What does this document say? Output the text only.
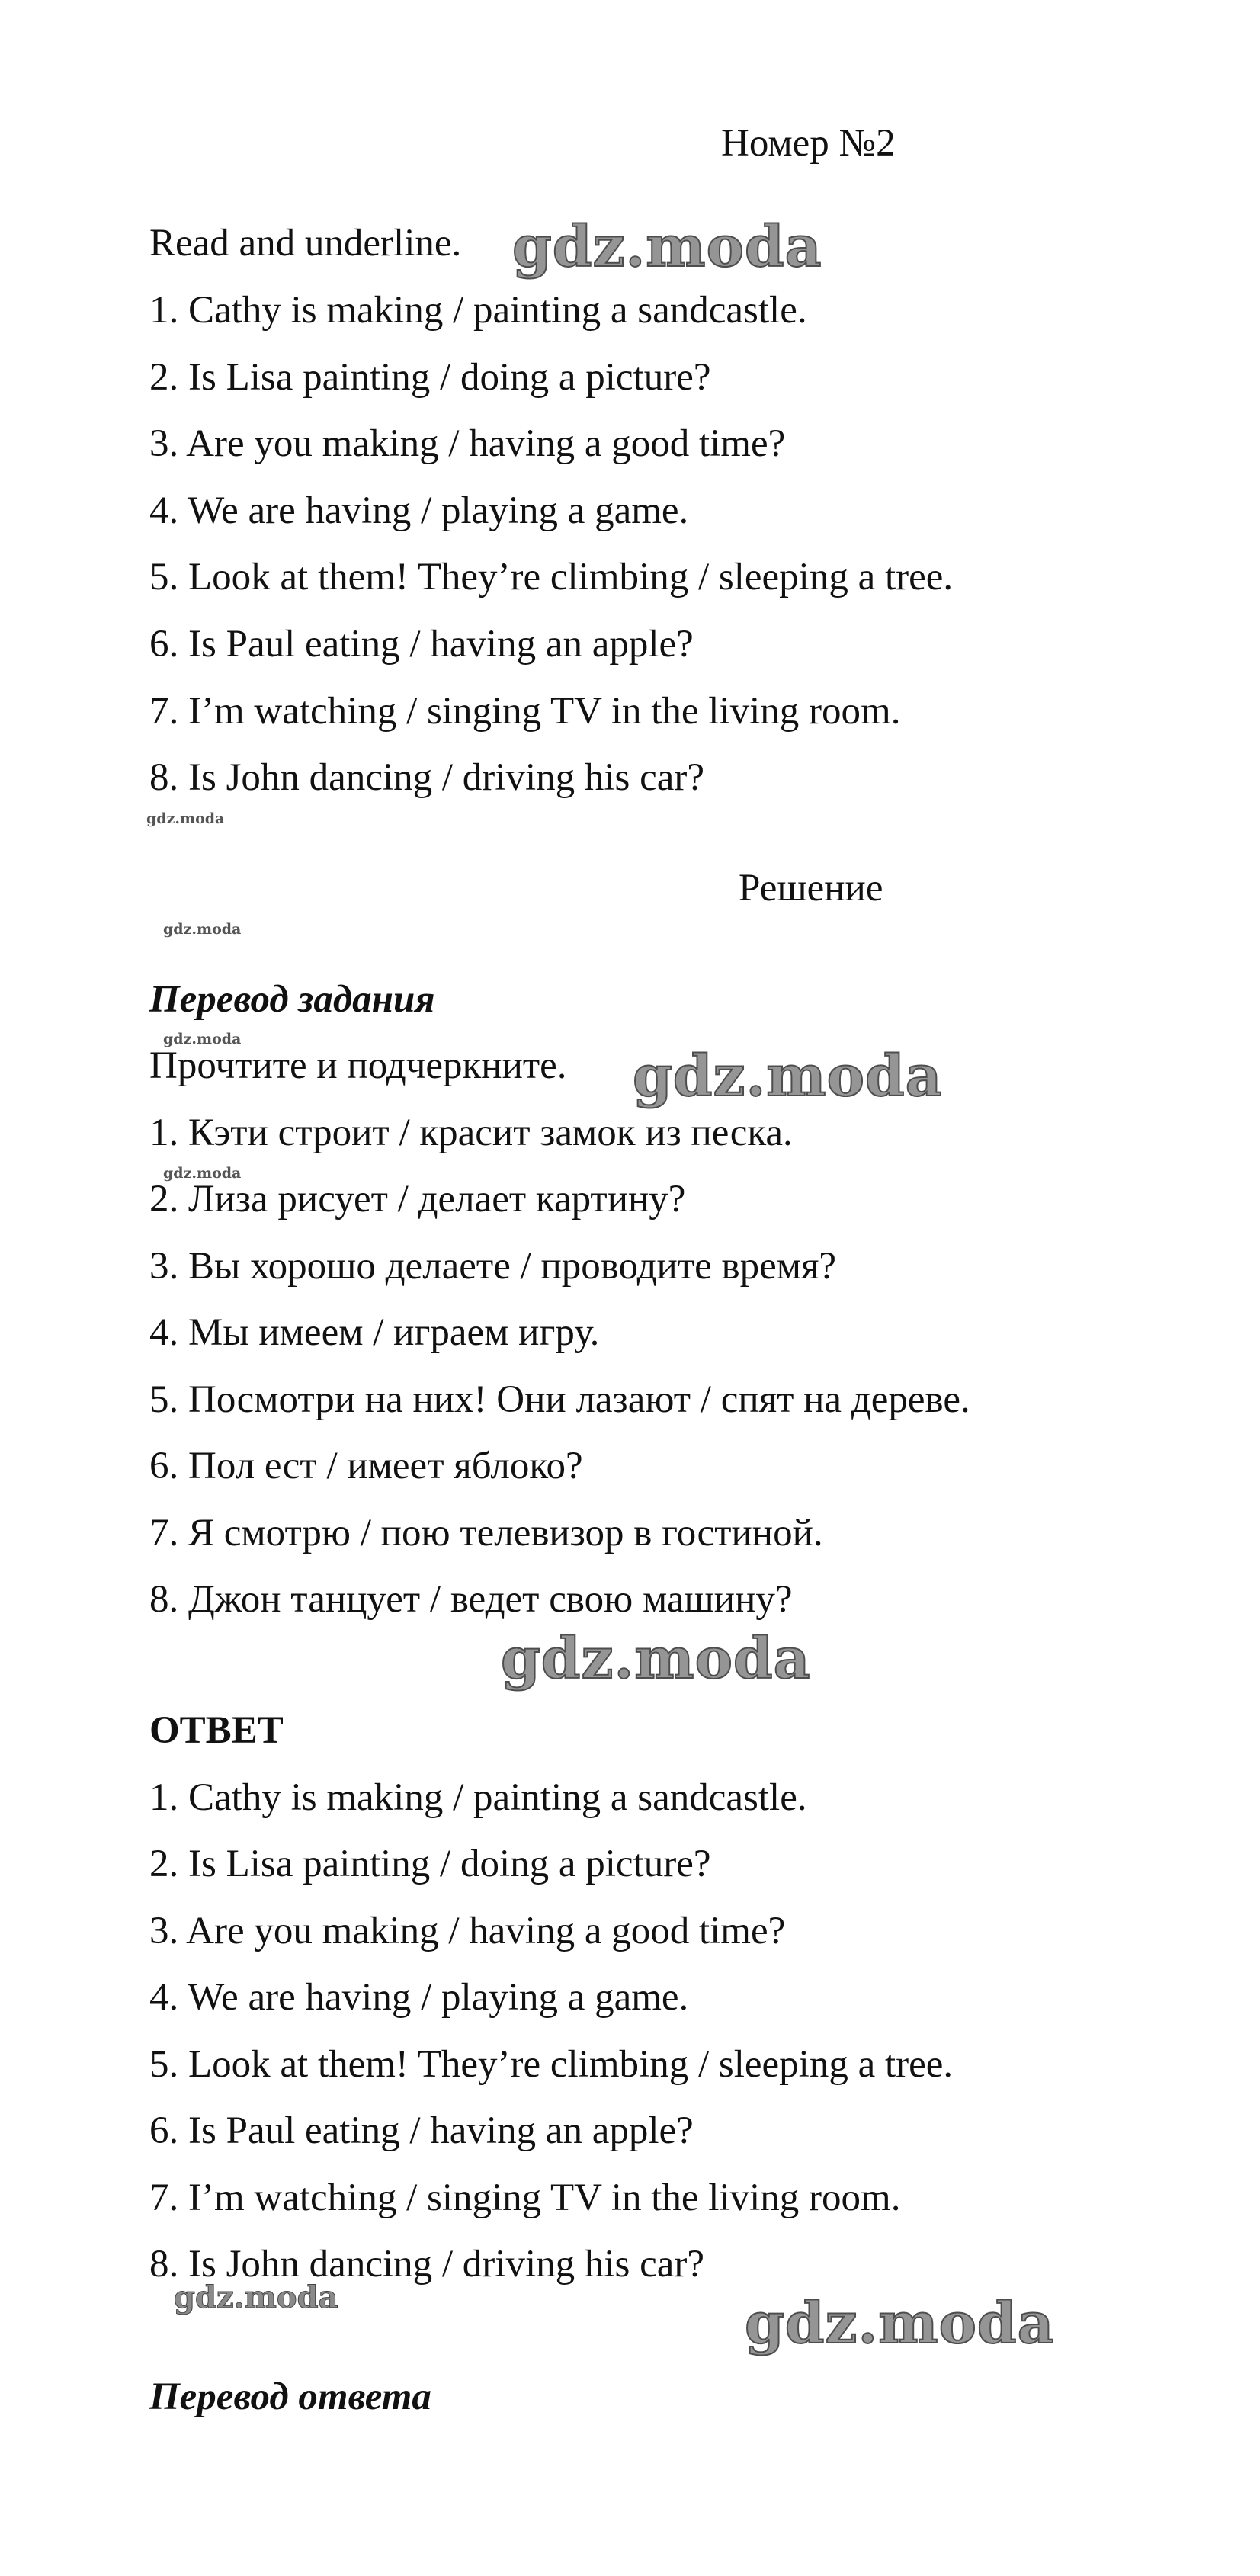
Номер №2
Read and underline.
1. Cathy is making / painting a sandcastle.
2. Is Lisa painting / doing a picture?
3. Are you making / having a good time?
4. We are having / playing a game.
5. Look at them! They’re climbing / sleeping a tree.
6. Is Paul eating / having an apple?
7. I’m watching / singing TV in the living room.
8. Is John dancing / driving his car?
Решение
Перевод задания
Прочтите и подчеркните.
1. Кэти строит / красит замок из песка.
2. Лиза рисует / делает картину?
3. Вы хорошо делаете / проводите время?
4. Мы имеем / играем игру.
5. Посмотри на них! Они лазают / спят на дереве.
6. Пол ест / имеет яблоко?
7. Я смотрю / пою телевизор в гостиной.
8. Джон танцует / ведет свою машину?
ОТВЕТ
1. Cathy is making / painting a sandcastle.
2. Is Lisa painting / doing a picture?
3. Are you making / having a good time?
4. We are having / playing a game.
5. Look at them! They’re climbing / sleeping a tree.
6. Is Paul eating / having an apple?
7. I’m watching / singing TV in the living room.
8. Is John dancing / driving his car?
Перевод ответа
gdz.moda
gdz.moda
gdz.moda
gdz.moda
gdz.moda
gdz.moda
gdz.moda
gdz.moda	gdz.moda
